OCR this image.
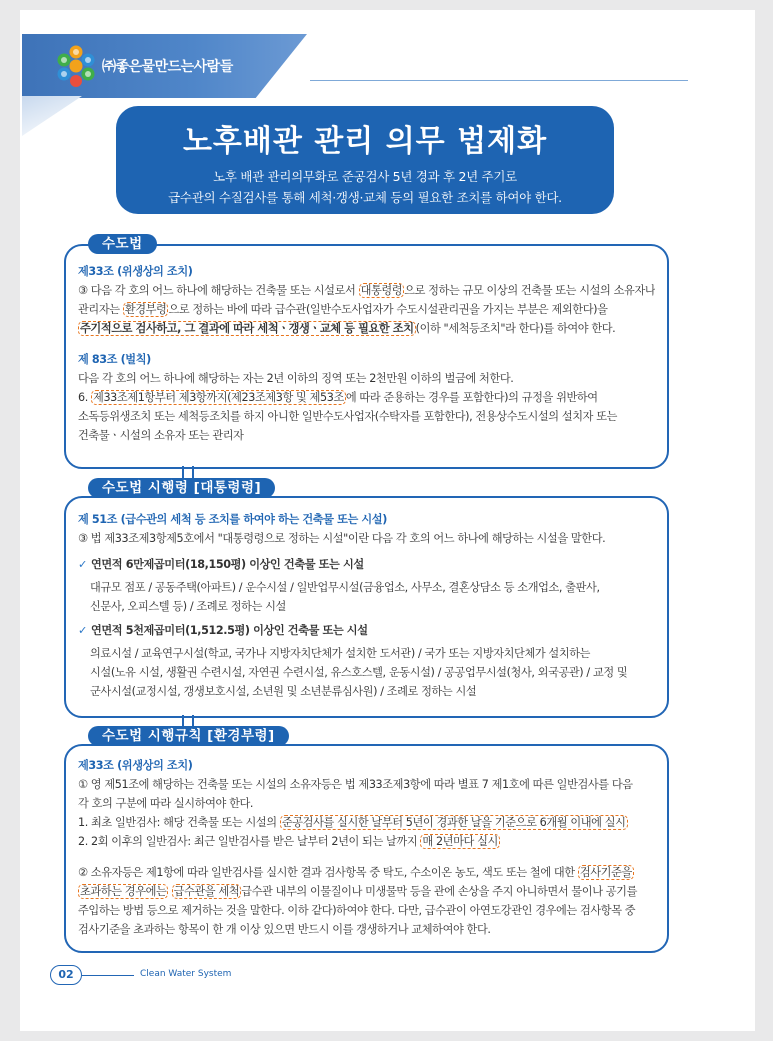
㈜좋은물만드는사람들
노후배관 관리 의무 법제화

노후 배관 관리의무화로 준공검사 5년 경과 후 2년 주기로

급수관의 수질검사를 통해 세척·갱생·교체 등의 필요한 조치를 하여야 한다.

제33조 (위생상의 조치)
③ 다음 각 호의 어느 하나에 해당하는 건축물 또는 시설로서 대통령령 으로 정하는 규모 이상의 건축물 또는 시설의 소유자나
관리자는 환경부령 으로 정하는 바에 따라 급수관(일반수도사업자가 수도시설관리권을 가지는 부분은 제외한다)을
주기적으로 검사하고, 그 결과에 따라 세척ㆍ갱생ㆍ교체 등 필요한 조치 (이하 "세척등조치"라 한다)를 하여야 한다.
제 83조 (벌칙)
다음 각 호의 어느 하나에 해당하는 자는 2년 이하의 징역 또는 2천만원 이하의 벌금에 처한다.
6. 제33조제1항부터 제3항까지(제23조제3항 및 제53조 에 따라 준용하는 경우를 포함한다)의 규정을 위반하여
소독등위생조치 또는 세척등조치를 하지 아니한 일반수도사업자(수탁자를 포함한다), 전용상수도시설의 설치자 또는
건축물ㆍ시설의 소유자 또는 관리자
수도법
제 51조 (급수관의 세척 등 조치를 하여야 하는 건축물 또는 시설)
③ 법 제33조제3항제5호에서 "대통령령으로 정하는 시설"이란 다음 각 호의 어느 하나에 해당하는 시설을 말한다.
✓ 연면적 6만제곱미터(18,150평) 이상인 건축물 또는 시설
대규모 점포 / 공동주택(아파트) / 운수시설 / 일반업무시설(금융업소, 사무소, 결혼상담소 등 소개업소, 출판사,
신문사, 오피스텔 등) / 조례로 정하는 시설
✓ 연면적 5천제곱미터(1,512.5평) 이상인 건축물 또는 시설
의료시설 / 교육연구시설(학교, 국가나 지방자치단체가 설치한 도서관) / 국가 또는 지방자치단체가 설치하는
시설(노유 시설, 생활권 수련시설, 자연권 수련시설, 유스호스텔, 운동시설) / 공공업무시설(청사, 외국공관) / 교정 및
군사시설(교정시설, 갱생보호시설, 소년원 및 소년분류심사원) / 조례로 정하는 시설
수도법 시행령 [대통령령]
제33조 (위생상의 조치)
① 영 제51조에 해당하는 건축물 또는 시설의 소유자등은 법 제33조제3항에 따라 별표 7 제1호에 따른 일반검사를 다음
각 호의 구분에 따라 실시하여야 한다.
1. 최초 일반검사: 해당 건축물 또는 시설의 준공검사를 실시한 날부터 5년이 경과한 날을 기준으로 6개월 이내에 실시
2. 2회 이후의 일반검사: 최근 일반검사를 받은 날부터 2년이 되는 날까지 매 2년마다 실시
② 소유자등은 제1항에 따라 일반검사를 실시한 결과 검사항목 중 탁도, 수소이온 농도, 색도 또는 철에 대한 검사기준을
초과하는 경우에는 급수관을 세척 급수관 내부의 이물질이나 미생물막 등을 관에 손상을 주지 아니하면서 물이나 공기를
주입하는 방법 등으로 제거하는 것을 말한다. 이하 같다)하여야 한다. 다만, 급수관이 아연도강관인 경우에는 검사항목 중
검사기준을 초과하는 항목이 한 개 이상 있으면 반드시 이를 갱생하거나 교체하여야 한다.
수도법 시행규칙 [환경부령]
02	Clean Water System
